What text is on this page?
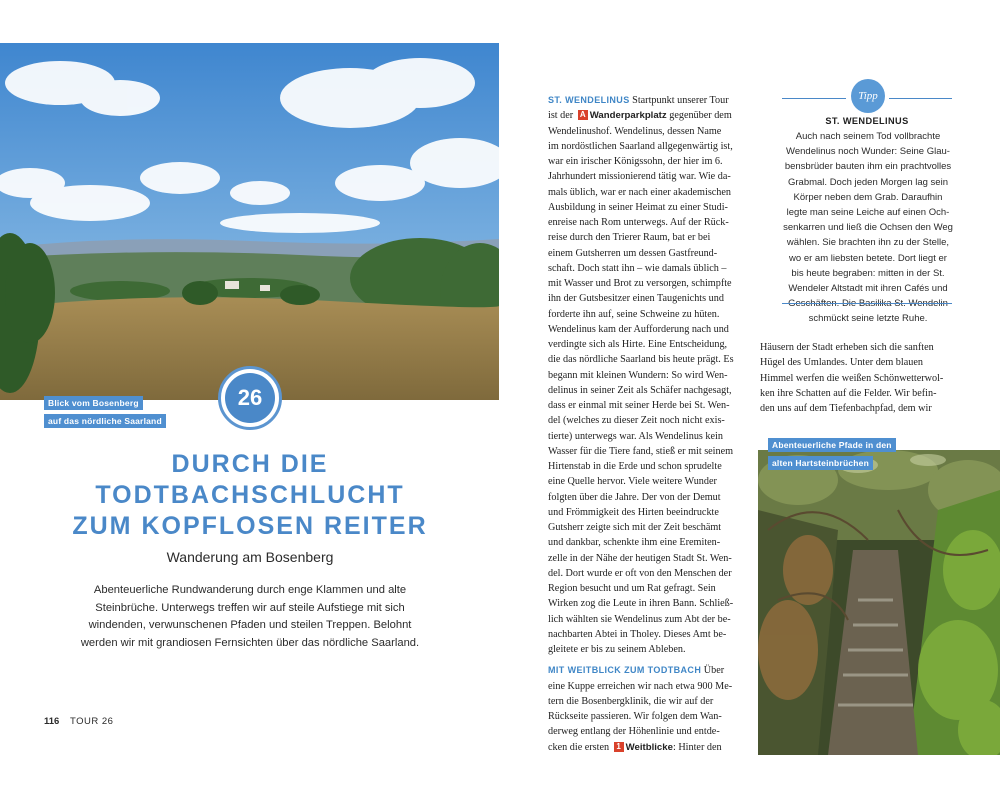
Blick vom Bosenberg
auf das nördliche Saarland
26
DURCH DIE
TODTBACHSCHLUCHT
ZUM KOPFLOSEN REITER
Wanderung am Bosenberg
Abenteuerliche Rundwanderung durch enge Klammen und alte
Steinbrüche. Unterwegs treffen wir auf steile Aufstiege mit sich
windenden, verwunschenen Pfaden und steilen Treppen. Belohnt
werden wir mit grandiosen Fernsichten über das nördliche Saarland.
116 TOUR 26

ST. WENDELINUS Startpunkt unserer Tour

ist der A Wanderparkplatz gegenüber dem

Wendelinushof. Wendelinus, dessen Name

im nordöstlichen Saarland allgegenwärtig ist,

war ein irischer Königssohn, der hier im 6.

Jahrhundert missionierend tätig war. Wie da-

mals üblich, war er nach einer akademischen

Ausbildung in seiner Heimat zu einer Studi-

enreise nach Rom unterwegs. Auf der Rück-

reise durch den Trierer Raum, bat er bei

einem Gutsherren um dessen Gastfreund-

schaft. Doch statt ihn – wie damals üblich –

mit Wasser und Brot zu versorgen, schimpfte

ihn der Gutsbesitzer einen Taugenichts und

forderte ihn auf, seine Schweine zu hüten.

Wendelinus kam der Aufforderung nach und

verdingte sich als Hirte. Eine Entscheidung,

die das nördliche Saarland bis heute prägt. Es

begann mit kleinen Wundern: So wird Wen-

delinus in seiner Zeit als Schäfer nachgesagt,

dass er einmal mit seiner Herde bei St. Wen-

del (welches zu dieser Zeit noch nicht exis-

tierte) unterwegs war. Als Wendelinus kein

Wasser für die Tiere fand, stieß er mit seinem

Hirtenstab in die Erde und schon sprudelte

eine Quelle hervor. Viele weitere Wunder

folgten über die Jahre. Der von der Demut

und Frömmigkeit des Hirten beeindruckte

Gutsherr zeigte sich mit der Zeit beschämt

und dankbar, schenkte ihm eine Eremiten-

zelle in der Nähe der heutigen Stadt St. Wen-

del. Dort wurde er oft von den Menschen der

Region besucht und um Rat gefragt. Sein

Wirken zog die Leute in ihren Bann. Schließ-

lich wählten sie Wendelinus zum Abt der be-

nachbarten Abtei in Tholey. Dieses Amt be-

gleitete er bis zu seinem Ableben.

MIT WEITBLICK ZUM TODTBACH Über

eine Kuppe erreichen wir nach etwa 900 Me-

tern die Bosenbergklinik, die wir auf der

Rückseite passieren. Wir folgen dem Wan-

derweg entlang der Höhenlinie und entde-

cken die ersten 1 Weitblicke: Hinter den

Tipp
ST. WENDELINUS
Auch nach seinem Tod vollbrachte
Wendelinus noch Wunder: Seine Glau-
bensbrüder bauten ihm ein prachtvolles
Grabmal. Doch jeden Morgen lag sein
Körper neben dem Grab. Daraufhin
legte man seine Leiche auf einen Och-
senkarren und ließ die Ochsen den Weg
wählen. Sie brachten ihn zu der Stelle,
wo er am liebsten betete. Dort liegt er
bis heute begraben: mitten in der St.
Wendeler Altstadt mit ihren Cafés und
schmückt seine letzte Ruhe.

Häusern der Stadt erheben sich die sanften

Hügel des Umlandes. Unter dem blauen

Himmel werfen die weißen Schönwetterwol-

ken ihre Schatten auf die Felder. Wir befin-

den uns auf dem Tiefenbachpfad, dem wir

Abenteuerliche Pfade in den
alten Hartsteinbrüchen
